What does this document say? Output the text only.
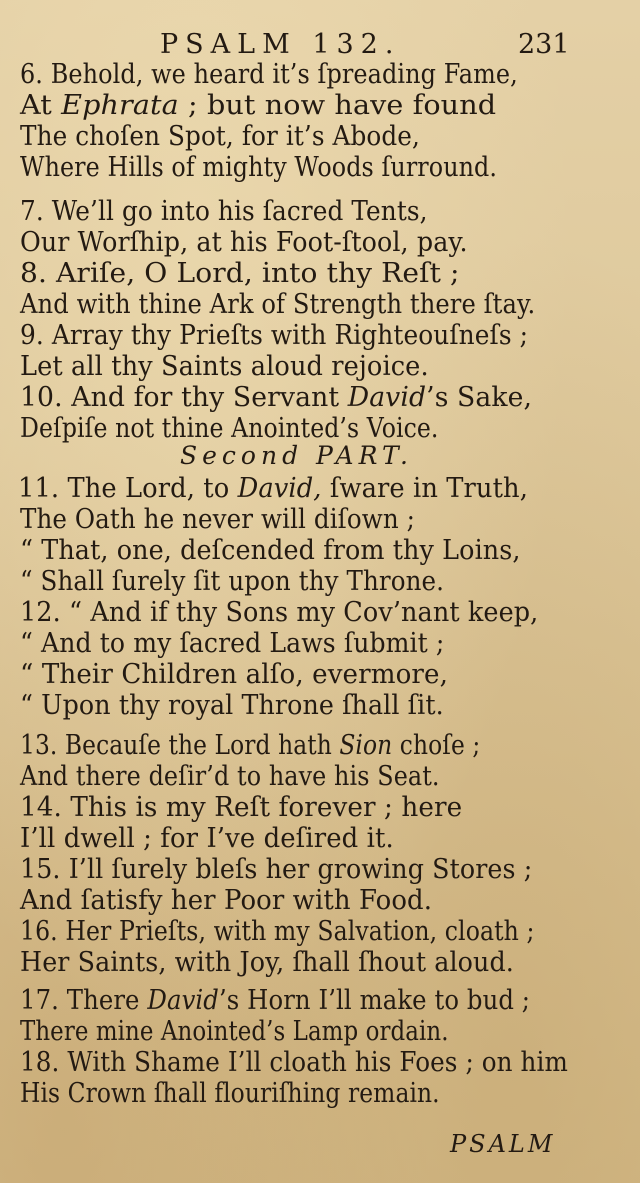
PSALM 132.	231
6. Behold, we heard it’s ſpreading Fame,
At Ephrata ; but now have found
The choſen Spot, for it’s Abode,
Where Hills of mighty Woods ſurround.
7. We’ll go into his ſacred Tents,
Our Worſhip, at his Foot-ſtool, pay.
8. Ariſe, O Lord, into thy Reſt ;
And with thine Ark of Strength there ſtay.
9. Array thy Prieſts with Righteouſneſs ;
Let all thy Saints aloud rejoice.
10. And for thy Servant David’s Sake,
Deſpiſe not thine Anointed’s Voice.
11. The Lord, to David, ſware in Truth,
The Oath he never will diſown ;
“ That, one, deſcended from thy Loins,
“ Shall ſurely ſit upon thy Throne.
12. “ And if thy Sons my Cov’nant keep,
“ And to my ſacred Laws ſubmit ;
“ Their Children alſo, evermore,
“ Upon thy royal Throne ſhall ſit.
13. Becauſe the Lord hath Sion choſe ;
And there deſir’d to have his Seat.
14. This is my Reſt forever ; here
I’ll dwell ; for I’ve deſired it.
15. I’ll ſurely bleſs her growing Stores ;
And ſatisfy her Poor with Food.
16. Her Prieſts, with my Salvation, cloath ;
Her Saints, with Joy, ſhall ſhout aloud.
17. There David’s Horn I’ll make to bud ;
There mine Anointed’s Lamp ordain.
18. With Shame I’ll cloath his Foes ; on him
His Crown ſhall flouriſhing remain.
Second PART.
PSALM
